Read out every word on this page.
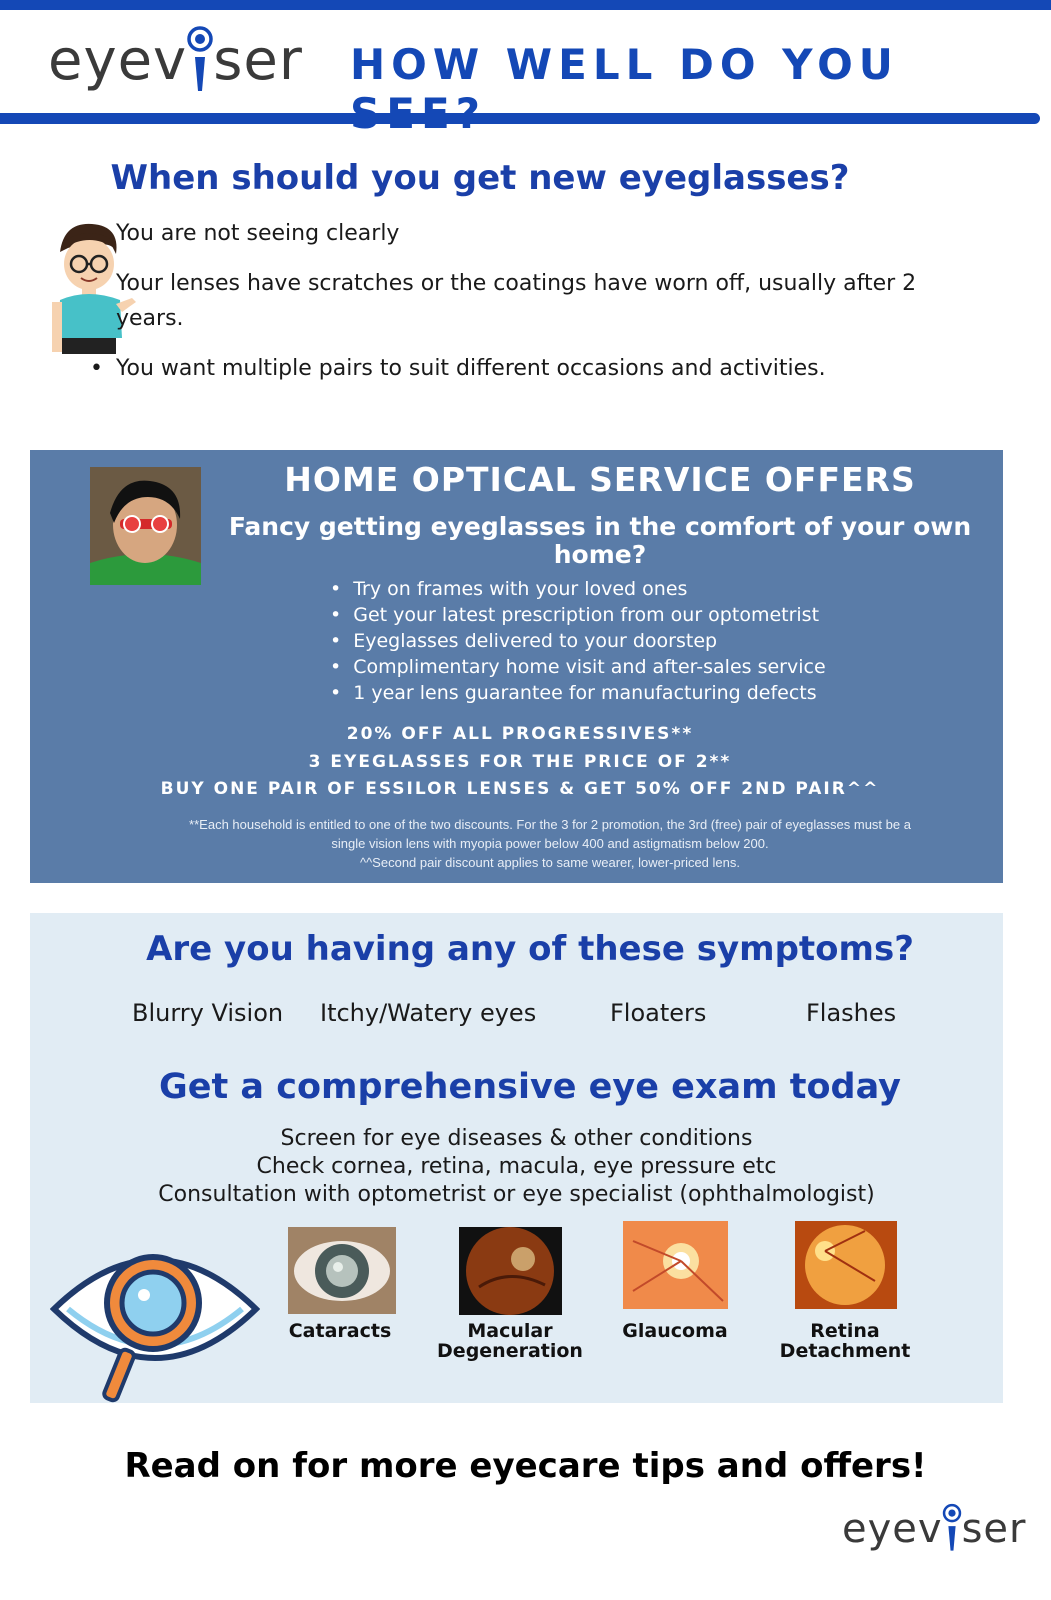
eyev ser HOW WELL DO YOU SEE?
When should you get new eyeglasses?
You are not seeing clearly
Your lenses have scratches or the coatings have worn off, usually after 2 years.
• You want multiple pairs to suit different occasions and activities.
HOME OPTICAL SERVICE OFFERS
Fancy getting eyeglasses in the comfort of your own
home?
• Try on frames with your loved ones
• Get your latest prescription from our optometrist
• Eyeglasses delivered to your doorstep
• Complimentary home visit and after-sales service
• 1 year lens guarantee for manufacturing defects
20% OFF ALL PROGRESSIVES**
3 EYEGLASSES FOR THE PRICE OF 2**
BUY ONE PAIR OF ESSILOR LENSES & GET 50% OFF 2ND PAIR^^
**Each household is entitled to one of the two discounts. For the 3 for 2 promotion, the 3rd (free) pair of eyeglasses must be a
single vision lens with myopia power below 400 and astigmatism below 200.
^^Second pair discount applies to same wearer, lower-priced lens.
Are you having any of these symptoms?
Blurry Vision Itchy/Watery eyes	Floaters	Flashes
Get a comprehensive eye exam today
Screen for eye diseases & other conditions
Check cornea, retina, macula, eye pressure etc
Consultation with optometrist or eye specialist (ophthalmologist)
Cataracts	Macular
Degeneration
Glaucoma	Retina
Detachment
Read on for more eyecare tips and offers!
eyev ser
